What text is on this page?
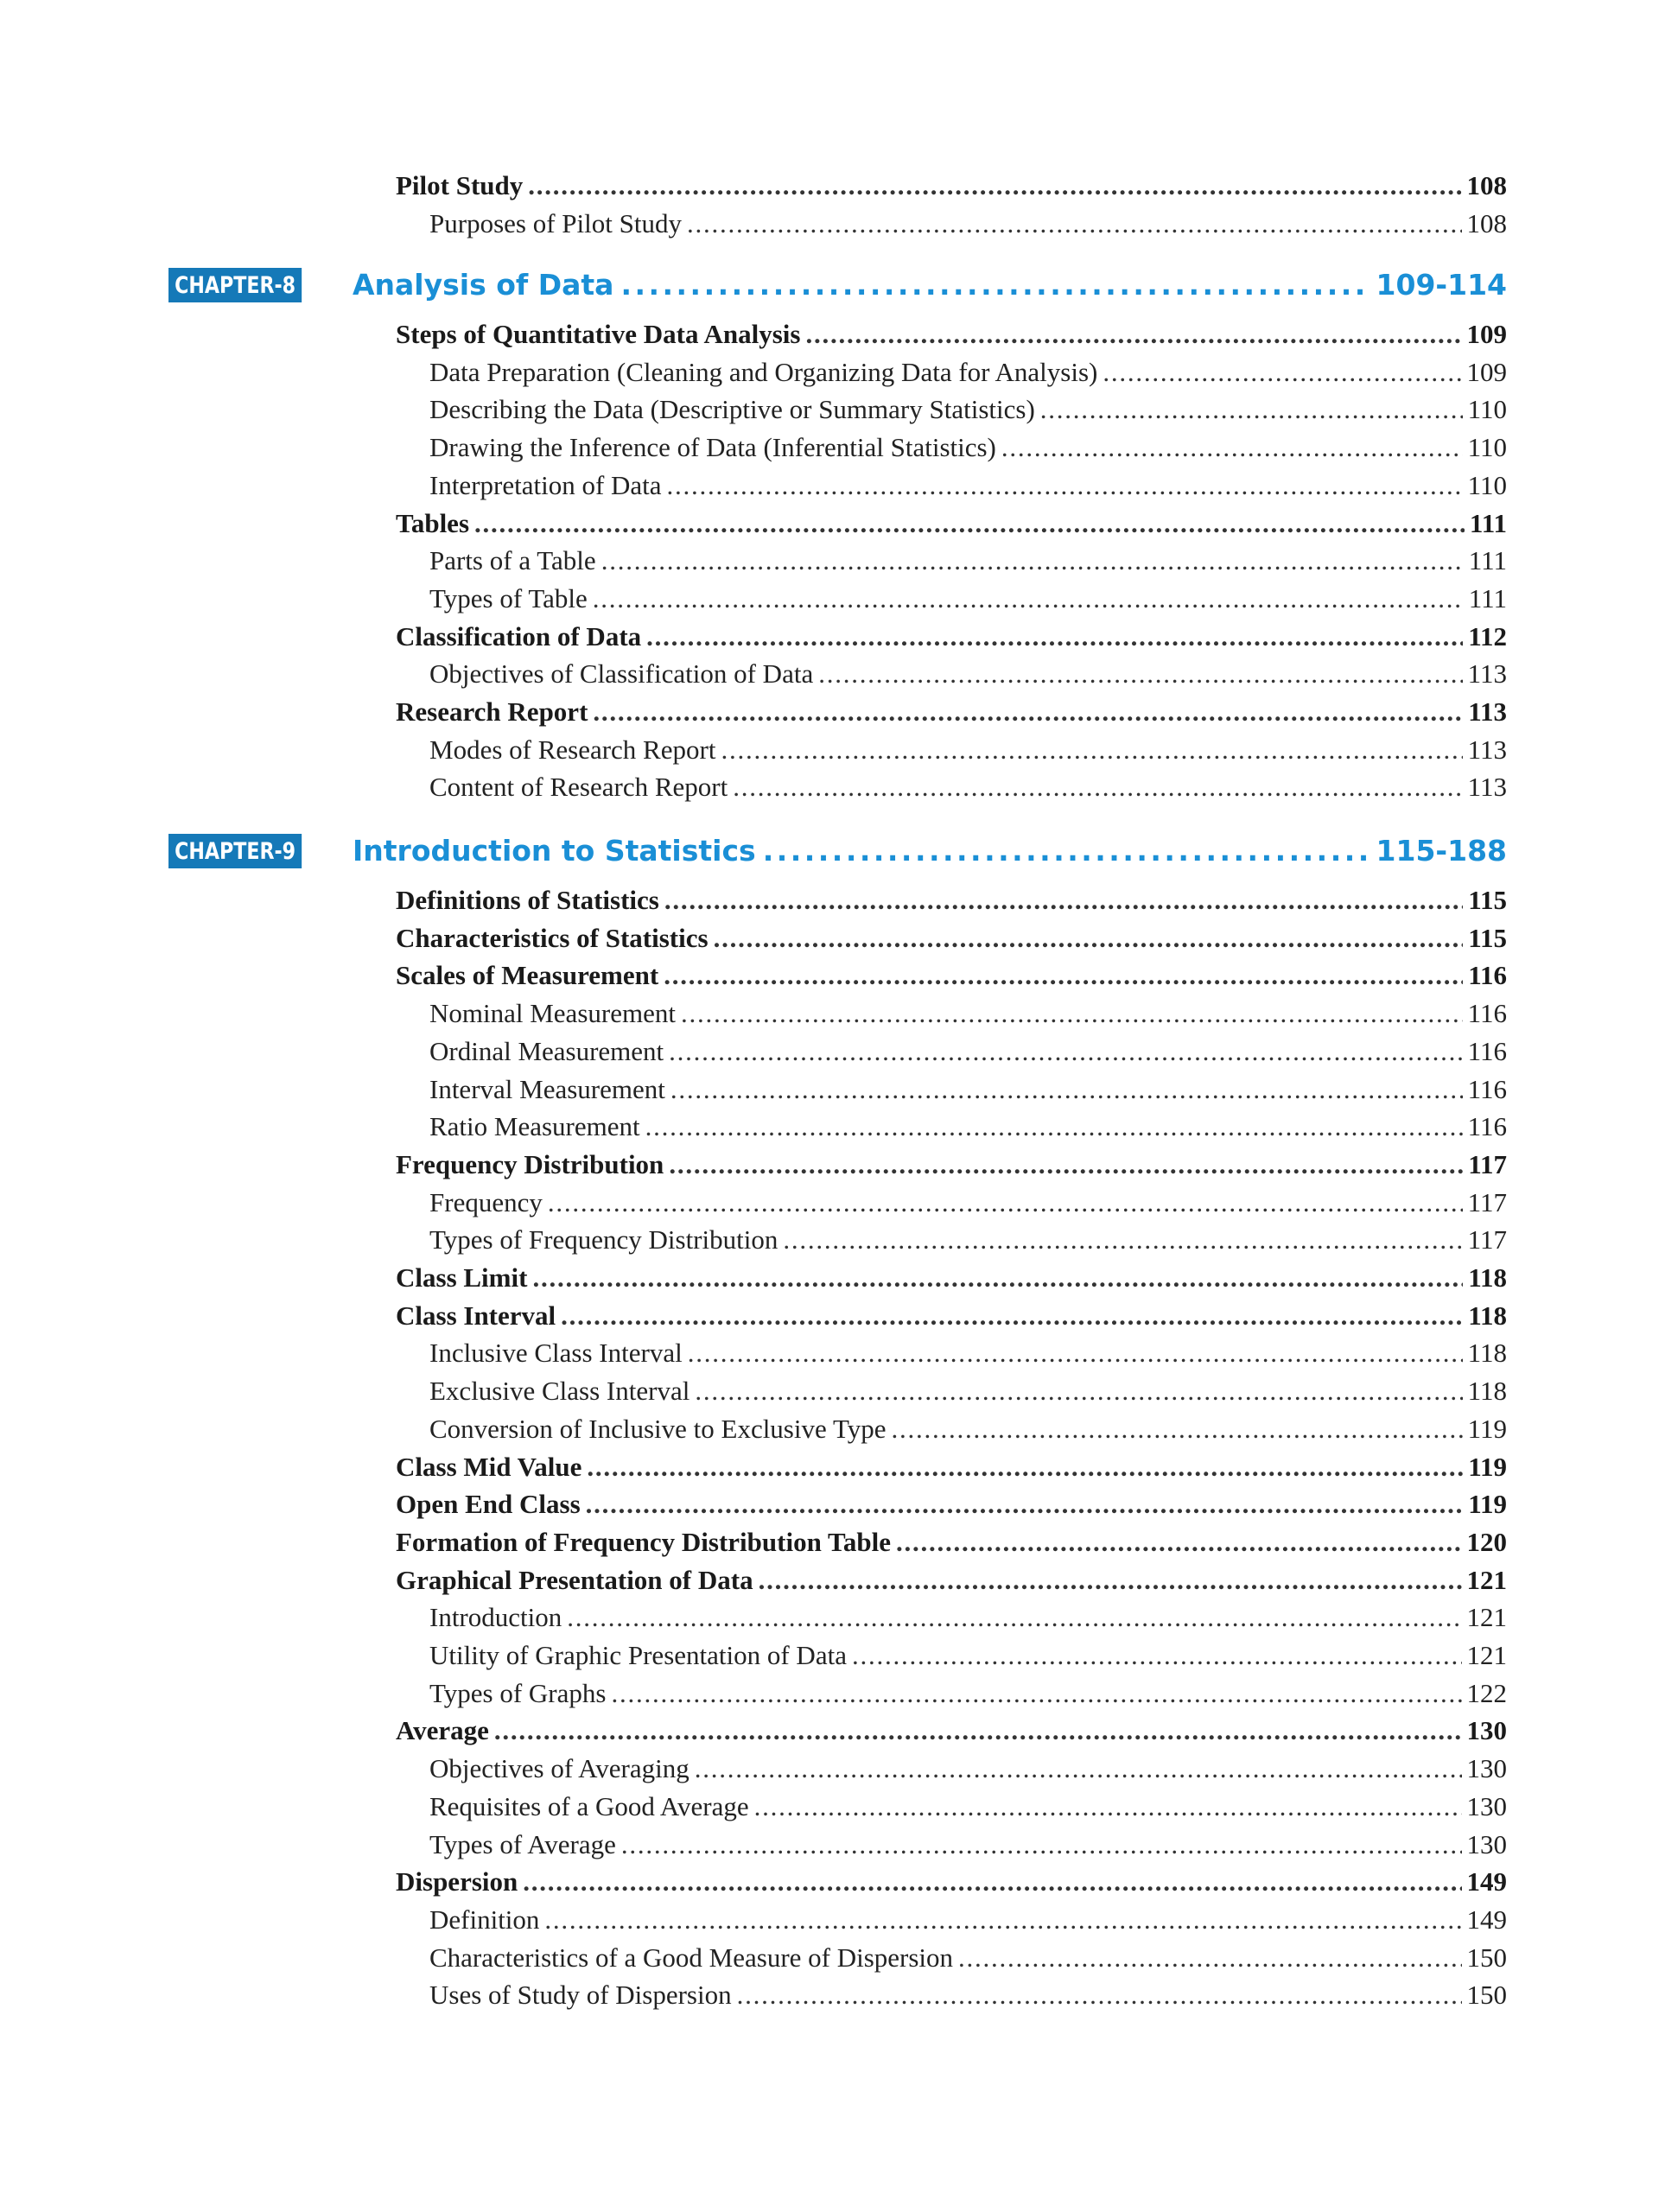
Pilot Study . . .	108
Purposes of Pilot Study . . .	108
CHAPTER-8 Analysis of Data . . .	109-114
Steps of Quantitative Data Analysis . . .	109
Data Preparation (Cleaning and Organizing Data for Analysis) . . .	109
Describing the Data (Descriptive or Summary Statistics) . . .	110
Drawing the Inference of Data (Inferential Statistics) . . .	110
Interpretation of Data . . .	110
Tables . . .	111
Parts of a Table . . .	111
Types of Table . . .	111
Classification of Data . . .	112
Objectives of Classification of Data . . .	113
Research Report . . .	113
Modes of Research Report . . .	113
Content of Research Report . . .	113
CHAPTER-9 Introduction to Statistics . . .	115-188
Definitions of Statistics . . .	115
Characteristics of Statistics . . .	115
Scales of Measurement . . .	116
Nominal Measurement . . .	116
Ordinal Measurement . . .	116
Interval Measurement . . .	116
Ratio Measurement . . .	116
Frequency Distribution . . .	117
Frequency . . .	117
Types of Frequency Distribution . . .	117
Class Limit . . .	118
Class Interval . . .	118
Inclusive Class Interval . . .	118
Exclusive Class Interval . . .	118
Conversion of Inclusive to Exclusive Type . . .	119
Class Mid Value . . .	119
Open End Class . . .	119
Formation of Frequency Distribution Table . . .	120
Graphical Presentation of Data . . .	121
Introduction . . .	121
Utility of Graphic Presentation of Data . . .	121
Types of Graphs . . .	122
Average . . .	130
Objectives of Averaging . . .	130
Requisites of a Good Average . . .	130
Types of Average . . .	130
Dispersion . . .	149
Definition . . .	149
Characteristics of a Good Measure of Dispersion . . .	150
Uses of Study of Dispersion . . .	150
